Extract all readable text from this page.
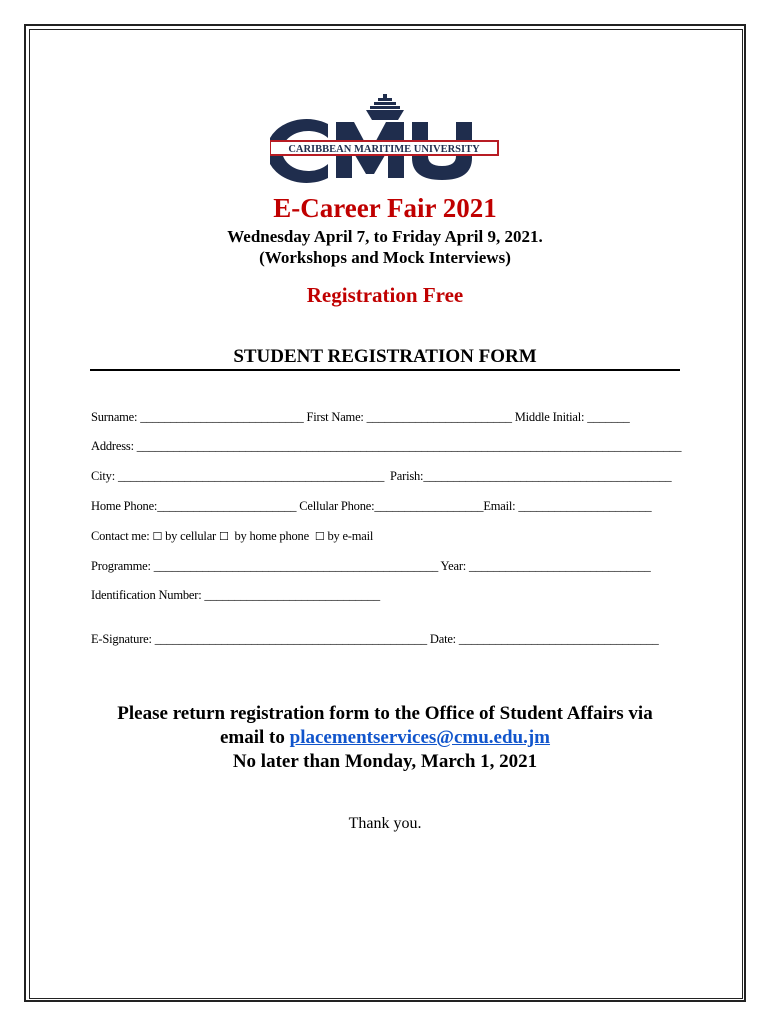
CARIBBEAN MARITIME UNIVERSITY
E-Career Fair 2021
Wednesday April 7, to Friday April 9, 2021.
(Workshops and Mock Interviews)
Registration Free
STUDENT REGISTRATION FORM
Surname: ___________________________ First Name: ________________________ Middle Initial: _______
Address: __________________________________________________________________________________________
City: ____________________________________________  Parish:_________________________________________
Home Phone:_______________________ Cellular Phone:__________________Email: ______________________
Contact me: ☐ by cellular ☐ by home phone ☐ by e-mail
Programme: _______________________________________________ Year: ______________________________
Identification Number: _____________________________
E-Signature: _____________________________________________ Date: _________________________________
Please return registration form to the Office of Student Affairs via
email to placementservices@cmu.edu.jm
No later than Monday, March 1, 2021
Thank you.
